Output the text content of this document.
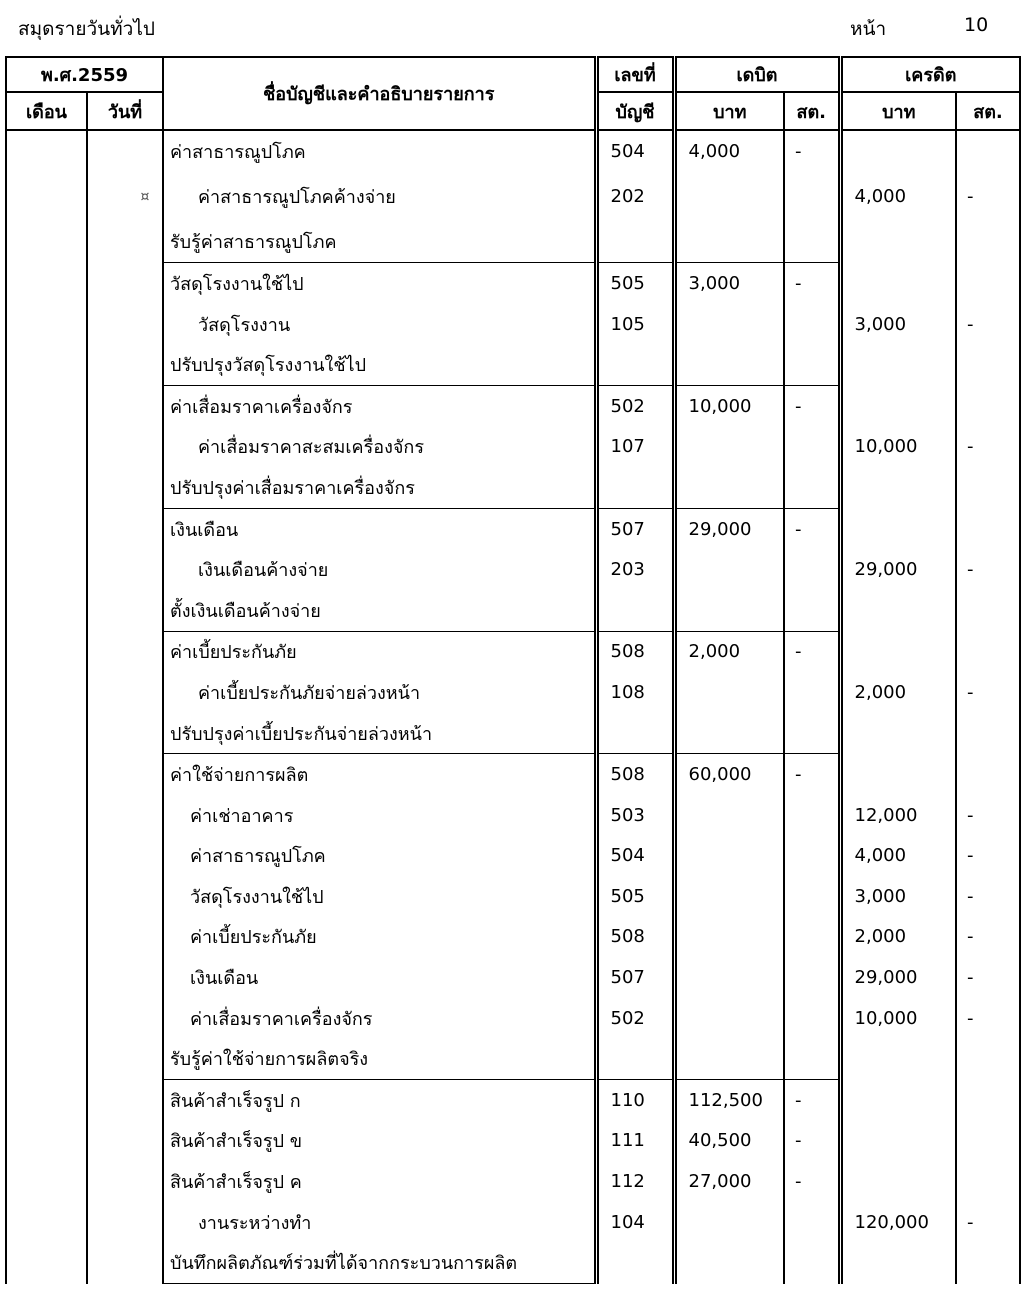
สมุดรายวันทั่วไป	หน้า	10
พ.ศ.2559		ชื่อบัญชีและคำอธิบายรายการ	เลขที่	เดบิต		เครดิต	
เดือน	วันที่		บัญชี	บาท	สต.	บาท	สต.
		ค่าสาธารณูปโภค	504	4,000	-		
	¤	ค่าสาธารณูปโภคค้างจ่าย	202			4,000	-
		รับรู้ค่าสาธารณูปโภค					
		วัสดุโรงงานใช้ไป	505	3,000	-		
		วัสดุโรงงาน	105			3,000	-
		ปรับปรุงวัสดุโรงงานใช้ไป					
		ค่าเสื่อมราคาเครื่องจักร	502	10,000	-		
		ค่าเสื่อมราคาสะสมเครื่องจักร	107			10,000	-
		ปรับปรุงค่าเสื่อมราคาเครื่องจักร					
		เงินเดือน	507	29,000	-		
		เงินเดือนค้างจ่าย	203			29,000	-
		ตั้งเงินเดือนค้างจ่าย					
		ค่าเบี้ยประกันภัย	508	2,000	-		
		ค่าเบี้ยประกันภัยจ่ายล่วงหน้า	108			2,000	-
		ปรับปรุงค่าเบี้ยประกันจ่ายล่วงหน้า					
		ค่าใช้จ่ายการผลิต	508	60,000	-		
		ค่าเช่าอาคาร	503			12,000	-
		ค่าสาธารณูปโภค	504			4,000	-
		วัสดุโรงงานใช้ไป	505			3,000	-
		ค่าเบี้ยประกันภัย	508			2,000	-
		เงินเดือน	507			29,000	-
		ค่าเสื่อมราคาเครื่องจักร	502			10,000	-
		รับรู้ค่าใช้จ่ายการผลิตจริง					
		สินค้าสำเร็จรูป ก	110	112,500	-		
		สินค้าสำเร็จรูป ข	111	40,500	-		
		สินค้าสำเร็จรูป ค	112	27,000	-		
		งานระหว่างทำ	104			120,000	-
		บันทึกผลิตภัณฑ์ร่วมที่ได้จากกระบวนการผลิต					
